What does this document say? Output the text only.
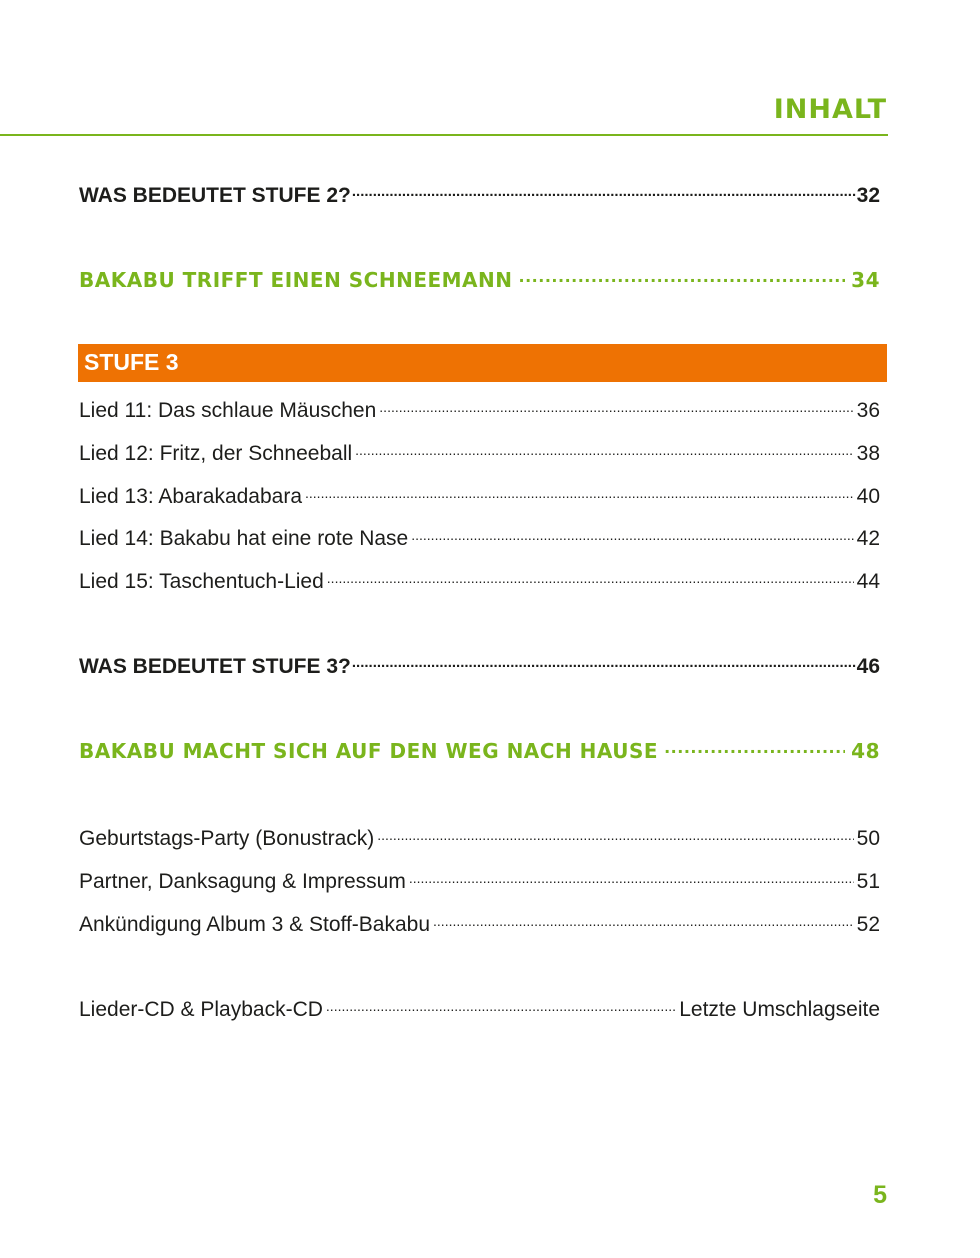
INHALT
WAS BEDEUTET STUFE 2? .....	32
BAKABU TRIFFT EINEN SCHNEEMANN .....	34
STUFE 3
Lied 11: Das schlaue Mäuschen .....	36
Lied 12: Fritz, der Schneeball .....	38
Lied 13: Abarakadabara .....	40
Lied 14: Bakabu hat eine rote Nase .....	42
Lied 15: Taschentuch-Lied .....	44
WAS BEDEUTET STUFE 3? .....	46
BAKABU MACHT SICH AUF DEN WEG NACH HAUSE .....	48
Geburtstags-Party (Bonustrack) .....	50
Partner, Danksagung & Impressum .....	51
Ankündigung Album 3 & Stoff-Bakabu .....	52
Lieder-CD & Playback-CD .....	Letzte Umschlagseite
5
